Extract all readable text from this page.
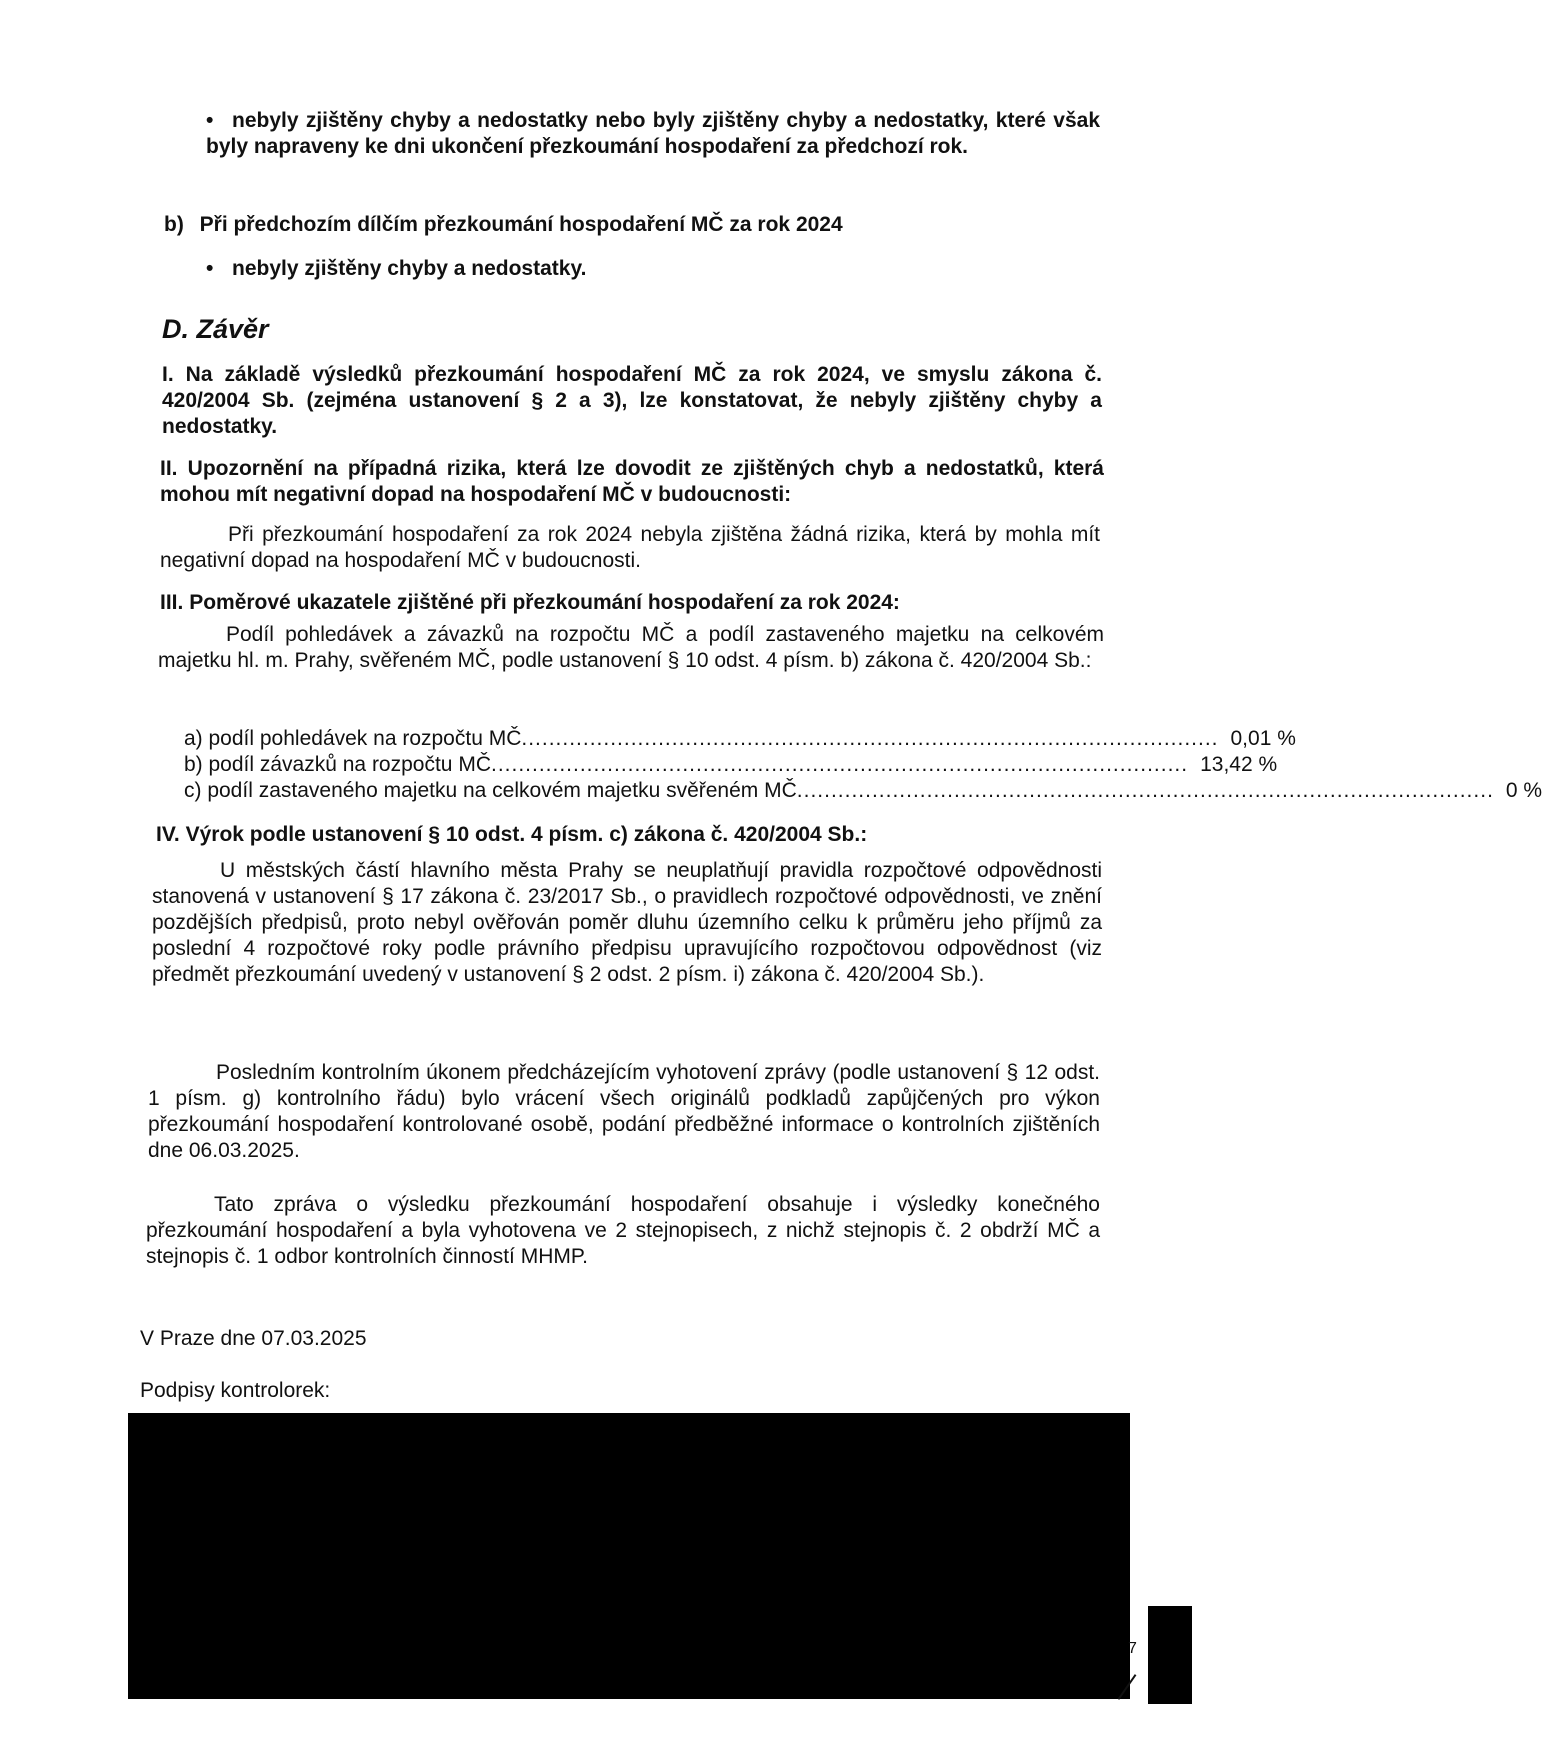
• nebyly zjištěny chyby a nedostatky nebo byly zjištěny chyby a nedostatky, které však byly napraveny ke dni ukončení přezkoumání hospodaření za předchozí rok.
b) Při předchozím dílčím přezkoumání hospodaření MČ za rok 2024
• nebyly zjištěny chyby a nedostatky.
D. Závěr
I. Na základě výsledků přezkoumání hospodaření MČ za rok 2024, ve smyslu zákona č. 420/2004 Sb. (zejména ustanovení § 2 a 3), lze konstatovat, že nebyly zjištěny chyby a nedostatky.
II. Upozornění na případná rizika, která lze dovodit ze zjištěných chyb a nedostatků, která mohou mít negativní dopad na hospodaření MČ v budoucnosti:
Při přezkoumání hospodaření za rok 2024 nebyla zjištěna žádná rizika, která by mohla mít negativní dopad na hospodaření MČ v budoucnosti.
III. Poměrové ukazatele zjištěné při přezkoumání hospodaření za rok 2024:
Podíl pohledávek a závazků na rozpočtu MČ a podíl zastaveného majetku na celkovém majetku hl. m. Prahy, svěřeném MČ, podle ustanovení § 10 odst. 4 písm. b) zákona č. 420/2004 Sb.:
a) podíl pohledávek na rozpočtu MČ ...................................................................................................... 0,01 %
b) podíl závazků na rozpočtu MČ ...................................................................................................... 13,42 %
c) podíl zastaveného majetku na celkovém majetku svěřeném MČ ...................................................................................................... 0 %
IV. Výrok podle ustanovení § 10 odst. 4 písm. c) zákona č. 420/2004 Sb.:
U městských částí hlavního města Prahy se neuplatňují pravidla rozpočtové odpovědnosti stanovená v ustanovení § 17 zákona č. 23/2017 Sb., o pravidlech rozpočtové odpovědnosti, ve znění pozdějších předpisů, proto nebyl ověřován poměr dluhu územního celku k průměru jeho příjmů za poslední 4 rozpočtové roky podle právního předpisu upravujícího rozpočtovou odpovědnost (viz předmět přezkoumání uvedený v ustanovení § 2 odst. 2 písm. i) zákona č. 420/2004 Sb.).
Posledním kontrolním úkonem předcházejícím vyhotovení zprávy (podle ustanovení § 12 odst. 1 písm. g) kontrolního řádu) bylo vrácení všech originálů podkladů zapůjčených pro výkon přezkoumání hospodaření kontrolované osobě, podání předběžné informace o kontrolních zjištěních dne 06.03.2025.
Tato zpráva o výsledku přezkoumání hospodaření obsahuje i výsledky konečného přezkoumání hospodaření a byla vyhotovena ve 2 stejnopisech, z nichž stejnopis č. 2 obdrží MČ a stejnopis č. 1 odbor kontrolních činností MHMP.
V Praze dne 07.03.2025
Podpisy kontrolorek:
7
